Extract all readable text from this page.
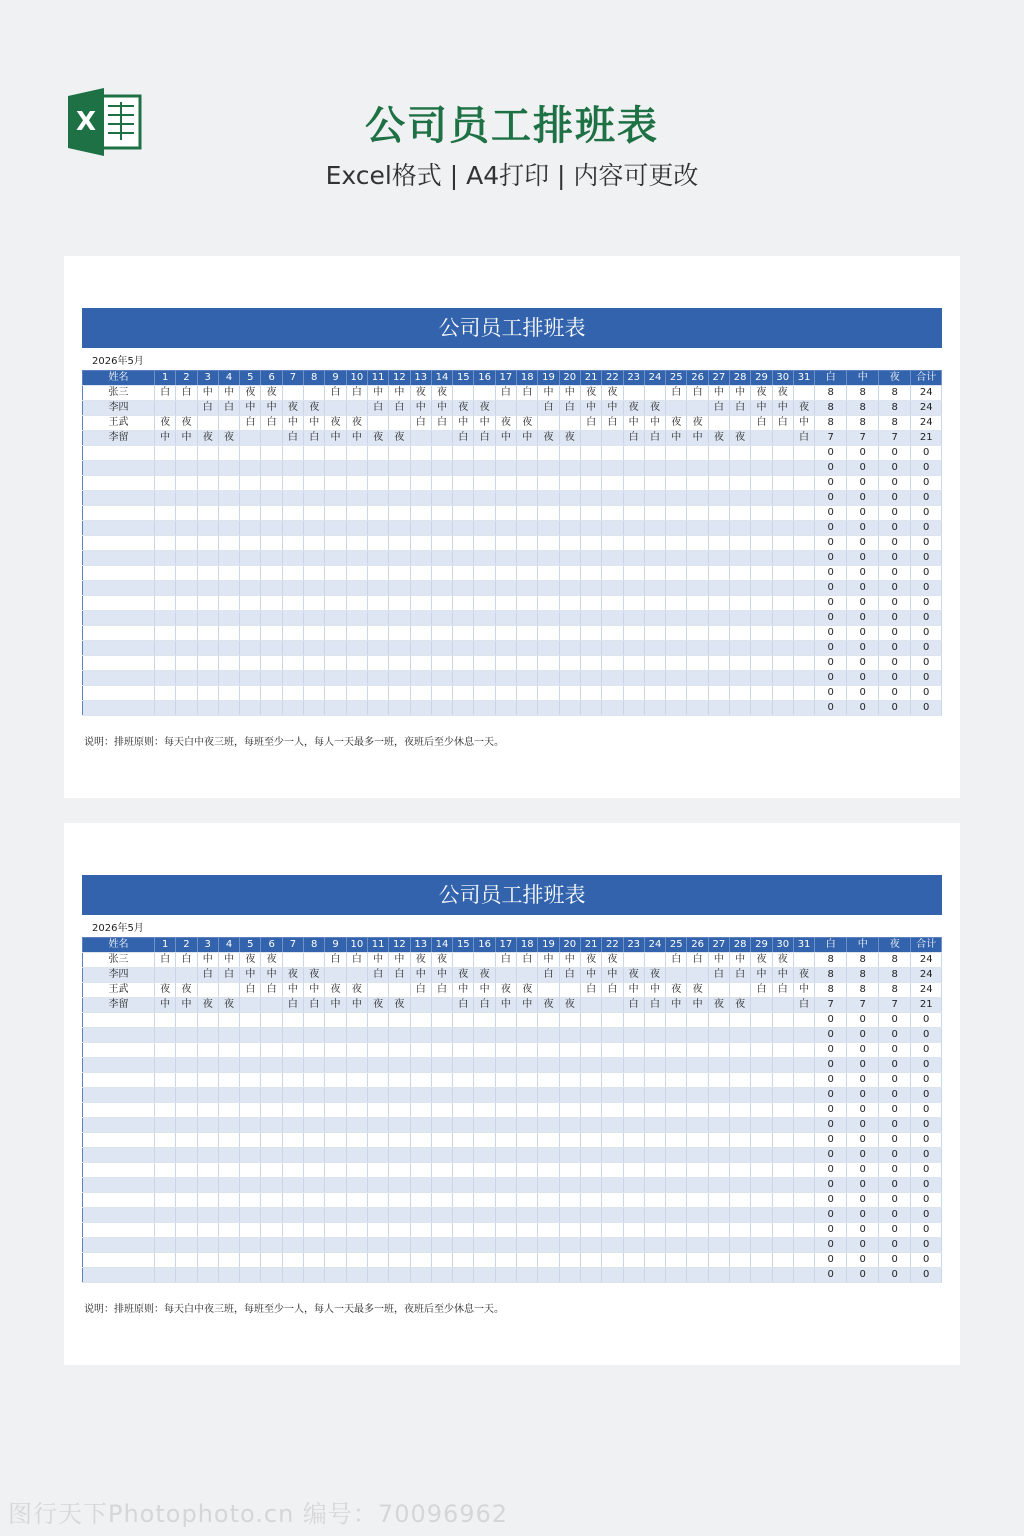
X	公司员工排班表
Excel格式 | A4打印 | 内容可更改
公司员工排班表
2026年5月
姓名	1	2	3	4	5	6	7	8	9	10	11	12	13	14	15	16	17	18	19	20	21	22	23	24	25	26	27	28	29	30	31	白	中	夜	合计
张三	白	白	中	中	夜	夜			白	白	中	中	夜	夜			白	白	中	中	夜	夜			白	白	中	中	夜	夜		8	8	8	24
李四			白	白	中	中	夜	夜			白	白	中	中	夜	夜			白	白	中	中	夜	夜			白	白	中	中	夜	8	8	8	24
王武	夜	夜			白	白	中	中	夜	夜			白	白	中	中	夜	夜			白	白	中	中	夜	夜			白	白	中	8	8	8	24
李留	中	中	夜	夜			白	白	中	中	夜	夜			白	白	中	中	夜	夜			白	白	中	中	夜	夜			白	7	7	7	21
																																0	0	0	0
																																0	0	0	0
																																0	0	0	0
																																0	0	0	0
																																0	0	0	0
																																0	0	0	0
																																0	0	0	0
																																0	0	0	0
																																0	0	0	0
																																0	0	0	0
																																0	0	0	0
																																0	0	0	0
																																0	0	0	0
																																0	0	0	0
																																0	0	0	0
																																0	0	0	0
																																0	0	0	0
																																0	0	0	0
说明：排班原则：每天白中夜三班，每班至少一人，每人一天最多一班，夜班后至少休息一天。
公司员工排班表
2026年5月
姓名	1	2	3	4	5	6	7	8	9	10	11	12	13	14	15	16	17	18	19	20	21	22	23	24	25	26	27	28	29	30	31	白	中	夜	合计
张三	白	白	中	中	夜	夜			白	白	中	中	夜	夜			白	白	中	中	夜	夜			白	白	中	中	夜	夜		8	8	8	24
李四			白	白	中	中	夜	夜			白	白	中	中	夜	夜			白	白	中	中	夜	夜			白	白	中	中	夜	8	8	8	24
王武	夜	夜			白	白	中	中	夜	夜			白	白	中	中	夜	夜			白	白	中	中	夜	夜			白	白	中	8	8	8	24
李留	中	中	夜	夜			白	白	中	中	夜	夜			白	白	中	中	夜	夜			白	白	中	中	夜	夜			白	7	7	7	21
																																0	0	0	0
																																0	0	0	0
																																0	0	0	0
																																0	0	0	0
																																0	0	0	0
																																0	0	0	0
																																0	0	0	0
																																0	0	0	0
																																0	0	0	0
																																0	0	0	0
																																0	0	0	0
																																0	0	0	0
																																0	0	0	0
																																0	0	0	0
																																0	0	0	0
																																0	0	0	0
																																0	0	0	0
																																0	0	0	0
说明：排班原则：每天白中夜三班，每班至少一人，每人一天最多一班，夜班后至少休息一天。
图行天下Photophoto.cn 编号：70096962
